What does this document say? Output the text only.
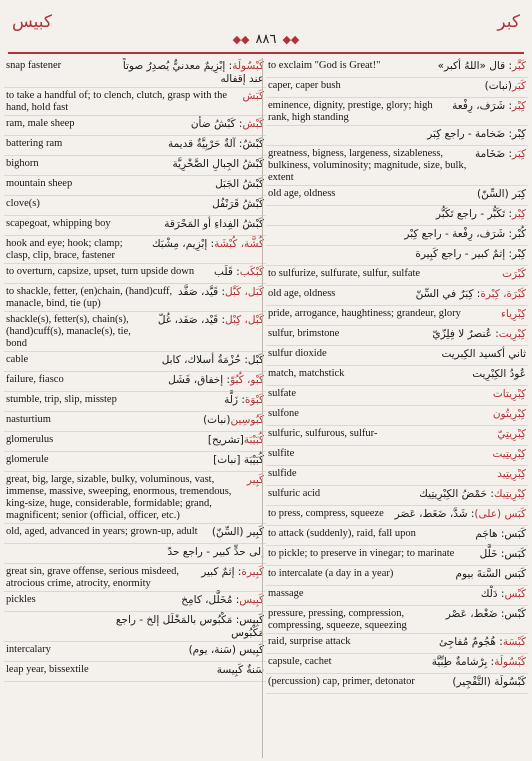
كبيس
◆◆ ٨٨٦ ◆◆
كبر
كَبْسُولَة: إبْزِيمٌ معدنيٌّ يُصدِرُ صوتاً عند إقفاله
snap fastener
كَبَش
to take a handful of; to clench, clutch, grasp with the hand, hold fast
كَبْش: كَبْشُ ضأن
ram, male sheep
كَبْشٌ: آلةٌ حَرْبِيَّةٌ قديمة
battering ram
كَبْشُ الجِبالِ الصَّخْرِيَّة
bighorn
كَبْشُ الجَبَل
mountain sheep
كَبْشُ قَرَنْفُل
clove(s)
كَبْشُ الفِداءِ أو المَحْرَقة
scapegoat, whipping boy
كُشَّة، كُبْشَة: إبْزِيم، مِشْبَك
hook and eye; hook; clamp; clasp, clip, brace, fastener
كَبْكَب: قَلَب
to overturn, capsize, upset, turn upside down
كَبَل، كَبَّل: قَيَّد، صَفَّد
to shackle, fetter, (en)chain, (hand)cuff, manacle, bind, tie (up)
كَبْل، كِبْل: قَيْد، صَفَد، غُلّ
shackle(s), fetter(s), chain(s), (hand)cuff(s), manacle(s), tie, bond
كَبْل: حُزْمَةُ أسلاك، كابل
cable
كَبْو، كُبُوّ: إخفاق، فَشَل
failure, fiasco
كَبْوَة: زَلَّة
stumble, trip, slip, misstep
كَبُوسِين(نبات)
nasturtium
كُبَيْبَة[تشريح]
glomerulus
كُبَيْبَة [نبات]
glomerule
كَبِير
great, big, large, sizable, bulky, voluminous, vast, immense, massive, sweeping, enormous, tremendous, king-size, huge, considerable, formidable; grand, magnificent; senior (official, officer, etc.)
كَبِير (السِّنّ)
old, aged, advanced in years; grown-up, adult
إلى حدٍّ كبير - راجع حدّ
كَبِيرة: إثمٌ كبير
great sin, grave offense, serious misdeed, atrocious crime, atrocity, enormity
كَبِيس: مُخَلَّل، كامِخ
pickles
كَبِيس: مَكْبُوس بالمَخْلَل إلخ - راجع مَكْبُوس
كَبِيس (سَنة، يوم)
intercalary
سَنةٌ كَبِيسة
leap year, bissextile
كَبَّر: قال «اللهُ أكبر»
to exclaim "God is Great!"
كَبَر(نبات)
caper, caper bush
كِبْر: شَرَف، رِفْعة
eminence, dignity, prestige, glory; high rank, high standing
كِبْر: ضَخامة - راجع كِبَر
كِبَر: ضَخَامة
greatness, bigness, largeness, sizableness, bulkiness, voluminosity; magnitude, size, bulk, extent
كِبَر (السِّنّ)
old age, oldness
كِبْر: تَكَبُّر - راجع تَكَبُّر
كُبْر: شَرَف، رِفْعة - راجع كِبْر
كِبْر: إثمٌ كبير - راجع كَبِيرة
كَبْرَت
to sulfurize, sulfurate, sulfur, sulfate
كَبْرَة، كِبْرة: كِبَرٌ في السِّنّ
old age, oldness
كِبْرِياء
pride, arrogance, haughtiness; grandeur, glory
كِبْرِيت: عُنصرٌ لا فِلِزّيّ
sulfur, brimstone
ثاني أكسيد الكِبريت
sulfur dioxide
عُودُ الكِبْرِيت
match, matchstick
كِبْرِيتات
sulfate
كِبْرِيتُون
sulfone
كِبْرِيتِيّ
sulfuric, sulfurous, sulfur-
كِبْرِيتِيت
sulfite
كِبْرِيتِيد
sulfide
كِبْرِيتِيك: حَمْضُ الكِبْرِيتِيك
sulfuric acid
كَبَس (على): شَدَّ، ضَغَط، عَصَر
to press, compress, squeeze
كَبَس: هاجَم
to attack (suddenly), raid, fall upon
كَبَس: خَلَّل
to pickle; to preserve in vinegar; to marinate
كَبَس السَّنةَ بيوم
to intercalate (a day in a year)
كَبْس: دَلْك
massage
كَبْس: ضَغْط، عَصْر
pressure, pressing, compression, compressing, squeeze, squeezing
كَبْسَة: هُجُومٌ مُفاجِئ
raid, surprise attack
كَبْسُولَة: بِرْشامةٌ طِبِّيَّة
capsule, cachet
كَبْسُولَة (التَّفْجِير)
(percussion) cap, primer, detonator
